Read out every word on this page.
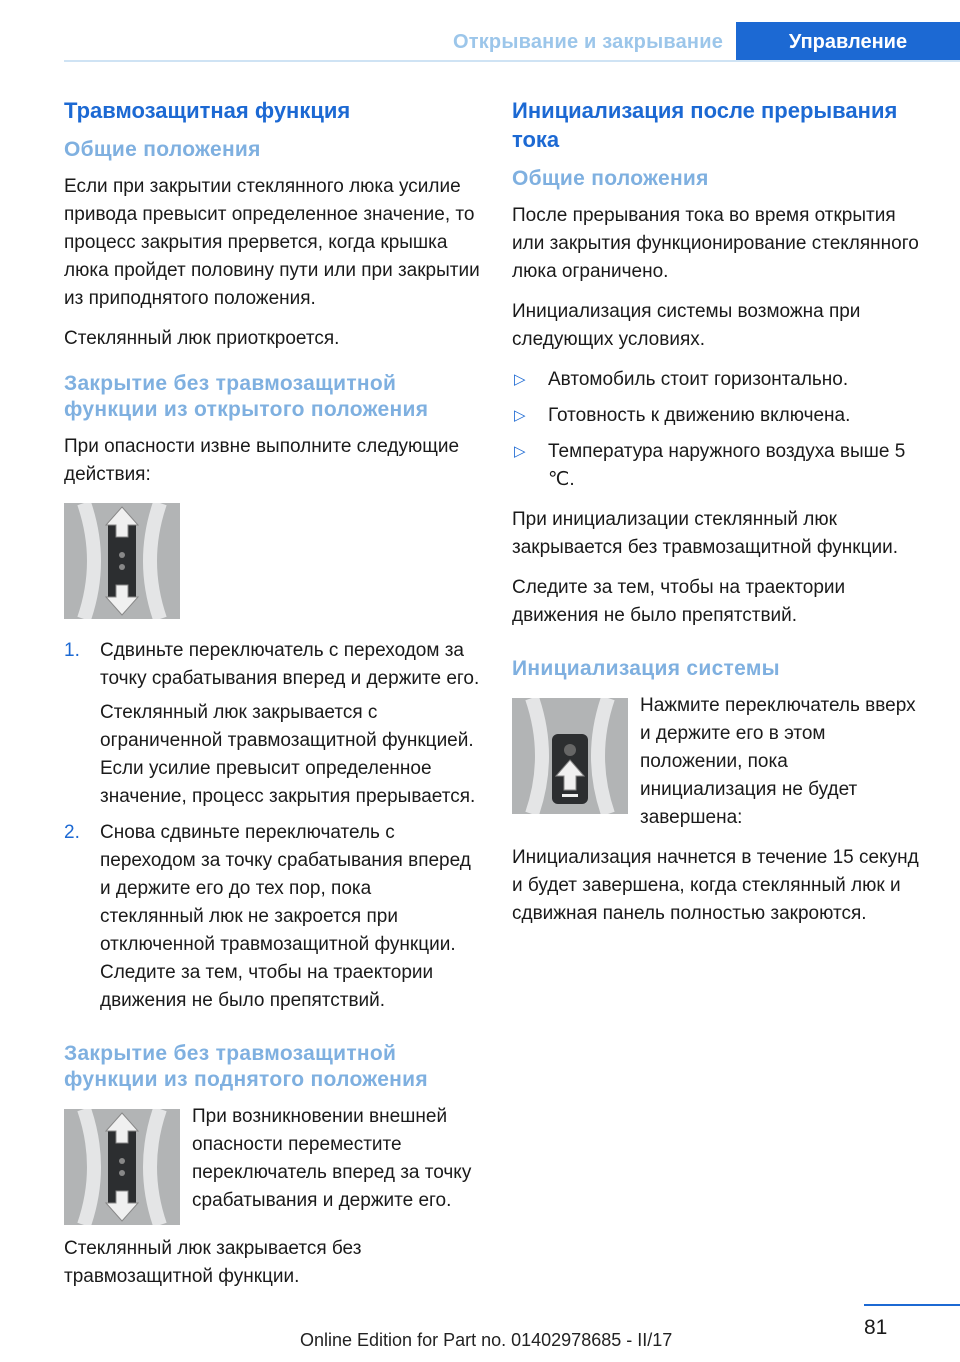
Открывание и закрывание	Управление
Травмозащитная функция
Общие положения

Если при закрытии стеклянного люка усилие привода превысит определенное значение, то процесс закрытия прервется, когда крышка люка пройдет половину пути или при закрытии из приподнятого положения.

Стеклянный люк приоткроется.

Закрытие без травмозащитной функции из открытого положения

При опасности извне выполните следующие действия:

1. Сдвиньте переключатель с переходом за точку срабатывания вперед и держите его.

Стеклянный люк закрывается с ограниченной травмозащитной функцией. Если усилие превысит определенное значение, процесс закрытия прерывается.

2. Снова сдвиньте переключатель с переходом за точку срабатывания вперед и держите его до тех пор, пока стеклянный люк не закроется при отключенной травмозащитной функции. Следите за тем, чтобы на траектории движения не было препятствий.
Закрытие без травмозащитной функции из поднятого положения

При возникновении внешней опасности переместите переключатель вперед за точку срабатывания и держите его.

Стеклянный люк закрывается без травмозащитной функции.

Инициализация после прерывания тока
Общие положения

После прерывания тока во время открытия или закрытия функционирование стеклянного люка ограничено.

Инициализация системы возможна при следующих условиях.

▷ Автомобиль стоит горизонтально.
▷ Готовность к движению включена.
▷ Температура наружного воздуха выше 5 ℃.

При инициализации стеклянный люк закрывается без травмозащитной функции.

Следите за тем, чтобы на траектории движения не было препятствий.

Инициализация системы

Нажмите переключатель вверх и держите его в этом положении, пока инициализация не будет завершена:

Инициализация начнется в течение 15 секунд и будет завершена, когда стеклянный люк и сдвижная панель полностью закроются.

81
Online Edition for Part no. 01402978685 - II/17
